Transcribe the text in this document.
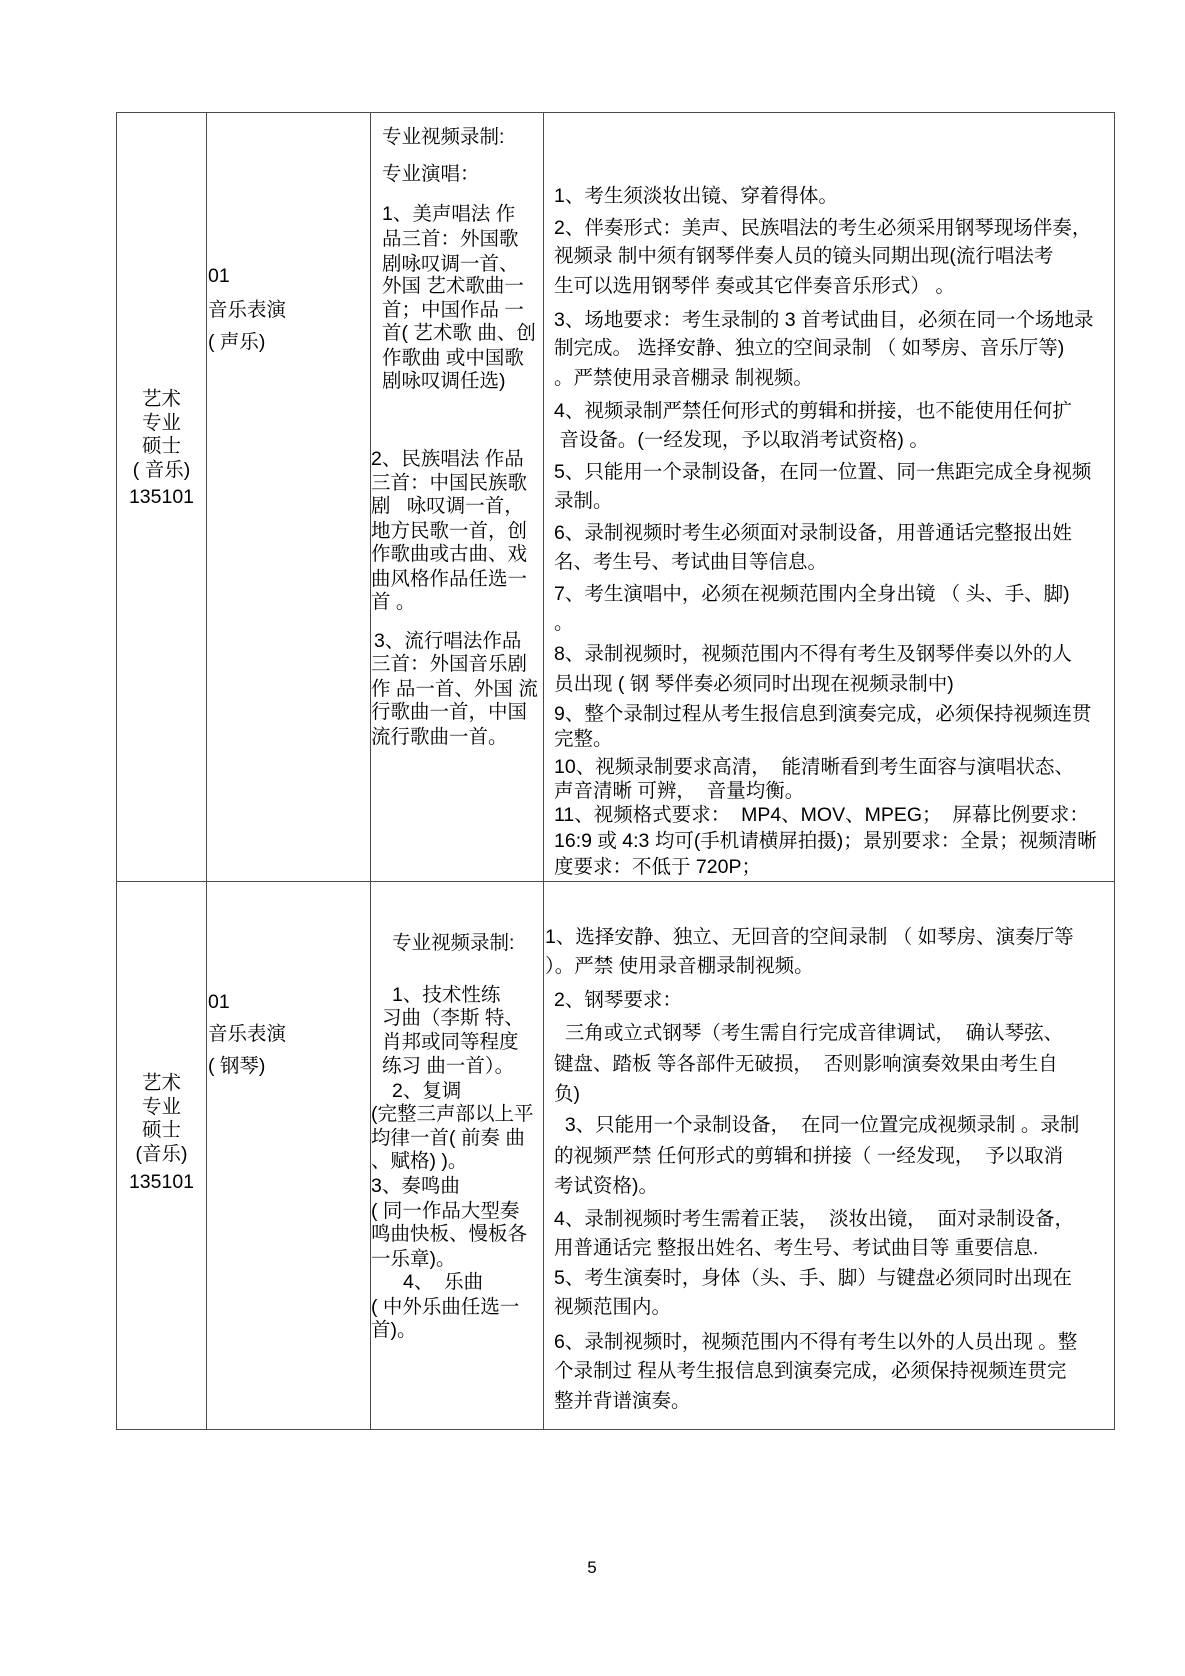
艺术
专业
硕士
( 音乐)
135101
01
音乐表演
( 声乐)
专业视频录制:
专业演唱：
1、美声唱法 作
品三首：外国歌
剧咏叹调一首、
外国 艺术歌曲一
首；中国作品 一
首( 艺术歌 曲、创
作歌曲 或中国歌
剧咏叹调任选)
2、民族唱法 作品
三首：中国民族歌
剧   咏叹调一首，
地方民歌一首，创
作歌曲或古曲、戏
曲风格作品任选一
首 。
3、流行唱法作品
三首：外国音乐剧
作 品一首、外国 流
行歌曲一首，中国
流行歌曲一首。
1、考生须淡妆出镜、穿着得体。
2、伴奏形式：美声、民族唱法的考生必须采用钢琴现场伴奏，
视频录 制中须有钢琴伴奏人员的镜头同期出现(流行唱法考
生可以选用钢琴伴 奏或其它伴奏音乐形式） 。
3、场地要求：考生录制的 3 首考试曲目，必须在同一个场地录
制完成。 选择安静、独立的空间录制 （ 如琴房、音乐厅等)
。严禁使用录音棚录 制视频。
4、视频录制严禁任何形式的剪辑和拼接，也不能使用任何扩
音设备。(一经发现，予以取消考试资格) 。
5、只能用一个录制设备，在同一位置、同一焦距完成全身视频
录制。
6、录制视频时考生必须面对录制设备，用普通话完整报出姓
名、考生号、考试曲目等信息。
7、考生演唱中，必须在视频范围内全身出镜 （ 头、手、脚)
。
8、录制视频时，视频范围内不得有考生及钢琴伴奏以外的人
员出现 ( 钢 琴伴奏必须同时出现在视频录制中)
9、整个录制过程从考生报信息到演奏完成，必须保持视频连贯
完整。
10、视频录制要求高清，  能清晰看到考生面容与演唱状态、
声音清晰 可辨，  音量均衡。
11、视频格式要求：  MP4、MOV、MPEG；  屏幕比例要求：
16:9 或 4:3 均可(手机请横屏拍摄)；景别要求：全景；视频清晰
度要求：不低于 720P；
艺术
专业
硕士
(音乐)
135101
01
音乐表演
( 钢琴)
专业视频录制:
1、技术性练
习曲（李斯 特、
肖邦或同等程度
练习 曲一首）。
2、复调
(完整三声部以上平
均律一首( 前奏 曲
、赋格) )。
3、奏鸣曲
( 同一作品大型奏
鸣曲快板、慢板各
一乐章)。
4、  乐曲
( 中外乐曲任选一
首)。
1、选择安静、独立、无回音的空间录制 （ 如琴房、演奏厅等
）。严禁 使用录音棚录制视频。
2、钢琴要求：
三角或立式钢琴（考生需自行完成音律调试，  确认琴弦、
键盘、踏板 等各部件无破损，  否则影响演奏效果由考生自
负)
3、只能用一个录制设备，  在同一位置完成视频录制 。录制
的视频严禁 任何形式的剪辑和拼接（ 一经发现，  予以取消
考试资格)。
4、录制视频时考生需着正装，  淡妆出镜，  面对录制设备，
用普通话完 整报出姓名、考生号、考试曲目等 重要信息.
5、考生演奏时，身体（头、手、脚）与键盘必须同时出现在
视频范围内。
6、录制视频时，视频范围内不得有考生以外的人员出现 。整
个录制过 程从考生报信息到演奏完成，必须保持视频连贯完
整并背谱演奏。
5
